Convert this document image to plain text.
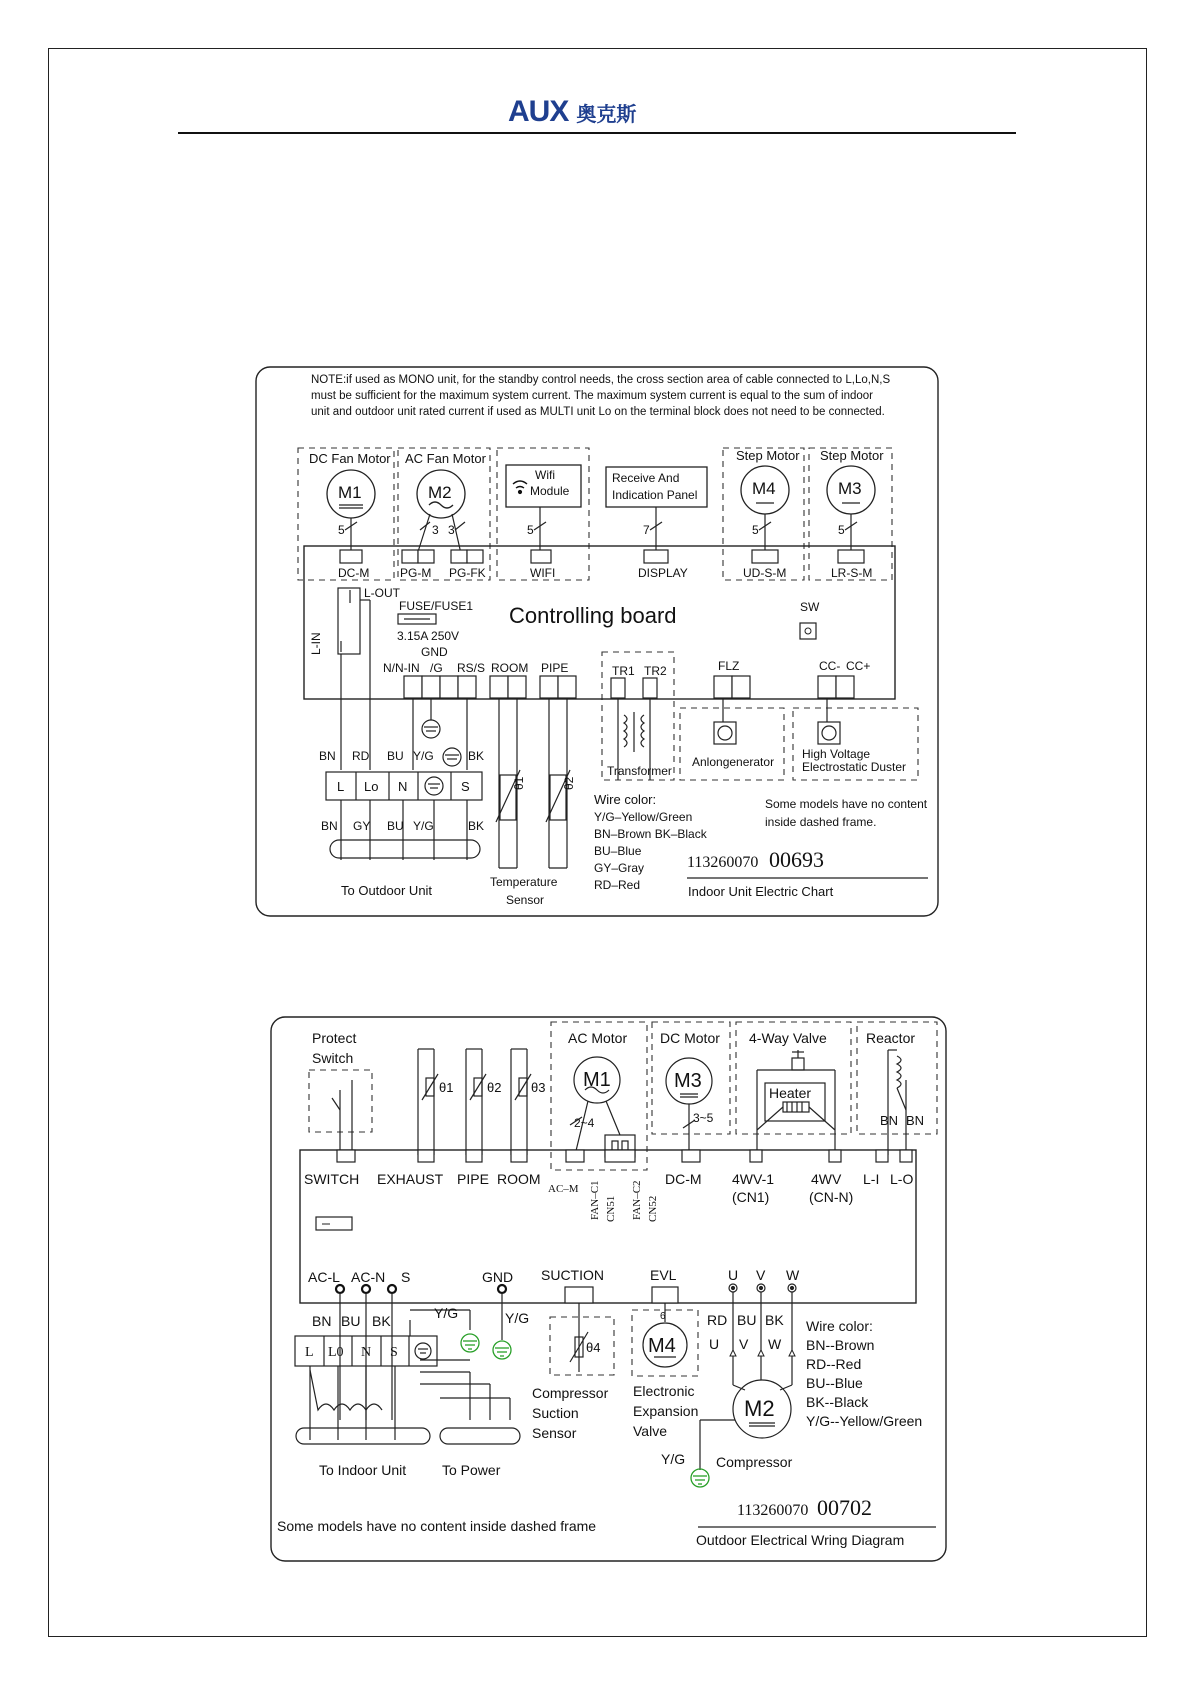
AUX 奥克斯
NOTE:if used as MONO unit, for the standby control needs, the cross section area of cable connected to L,Lo,N,S
must be sufficient for the maximum system current. The maximum system current is equal to the sum of indoor
unit and outdoor unit rated current if used as MULTI unit Lo on the terminal block does not need to be connected.
DC Fan Motor AC Fan Motor	Step Motor Step Motor
M1	M2	M4	M3
Wifi
Module
Receive And
Indication Panel
5	3 3	5	7	5	5
DC-M	PG-M PG-FK	WIFI	DISPLAY	UD-S-M	LR-S-M
Controlling board
L-OUT
L-IN
FUSE/FUSE1
3.15A 250V
GND
SW
N/N-IN /G RS/S ROOM PIPE	TR1 TR2	FLZ	CC- CC+
BN RD BU Y/G	BK
L Lo N	S
BN GY BU Y/G	BK
To Outdoor Unit
θ1	θ2
Temperature
Sensor
Transformer
Anlongenerator
High Voltage
Electrostatic Duster
Wire color:
Y/G–Yellow/Green
BN–Brown BK–Black
BU–Blue
GY–Gray
RD–Red
Some models have no content
inside dashed frame.
113260070 00693
Indoor Unit Electric Chart
Protect
Switch
θ1	θ2 θ3
AC Motor
M1
2~4
DC Motor
M3
3~5
4-Way Valve
Heater
Reactor
BN BN
SWITCH EXHAUST PIPE ROOM
AC–M FAN–C1 CN51 FAN–C2 CN52
DC-M 4WV-1
(CN1)
4WV
(CN-N)
L-I L-O
AC-L AC-N S	GND SUCTION	EVL	U V W
BN BU BK	Y/G	Y/G
L L0 N S	θ4 M4
6	RD BU BK
U V W
M2
Compressor
Suction
Sensor
Electronic
Expansion
Valve
Y/G Compressor
Wire color:
BN--Brown
RD--Red
BU--Blue
BK--Black
Y/G--Yellow/Green
To Indoor Unit	To Power
113260070 00702
Some models have no content inside dashed frame
Outdoor Electrical Wring Diagram
